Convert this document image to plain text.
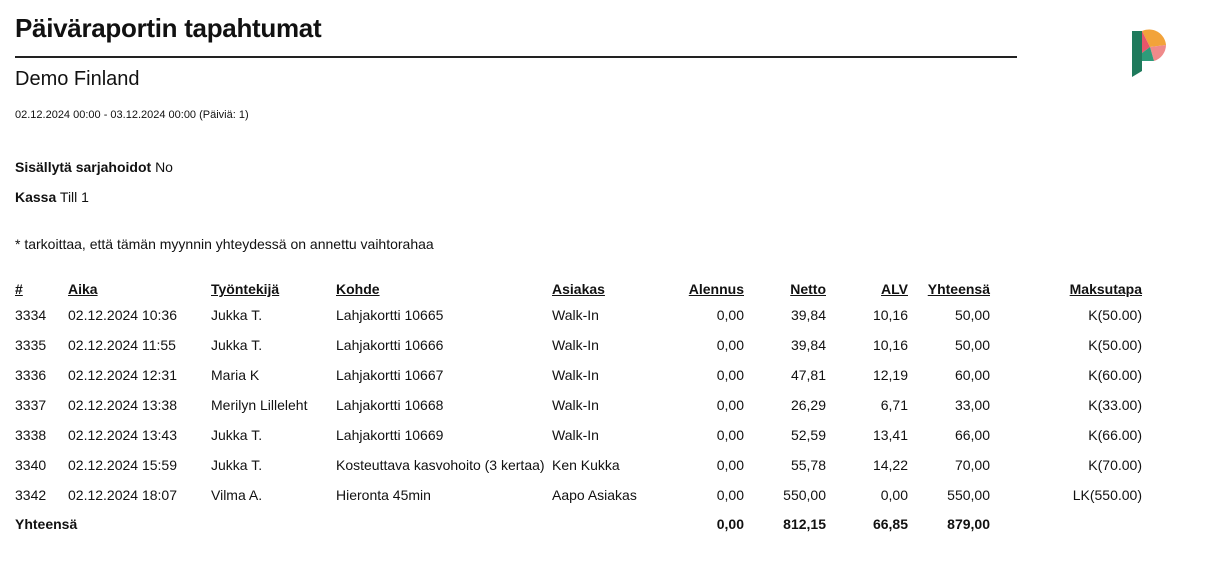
Päiväraportin tapahtumat
Demo Finland
02.12.2024 00:00 - 03.12.2024 00:00 (Päiviä: 1)
Sisällytä sarjahoidot No
Kassa Till 1
* tarkoittaa, että tämän myynnin yhteydessä on annettu vaihtorahaa
#	Aika	Työntekijä	Kohde	Asiakas	Alennus	Netto	ALV	Yhteensä	Maksutapa
3334	02.12.2024 10:36	Jukka T.	Lahjakortti 10665	Walk-In	0,00	39,84	10,16	50,00	K(50.00)
3335	02.12.2024 11:55	Jukka T.	Lahjakortti 10666	Walk-In	0,00	39,84	10,16	50,00	K(50.00)
3336	02.12.2024 12:31	Maria K	Lahjakortti 10667	Walk-In	0,00	47,81	12,19	60,00	K(60.00)
3337	02.12.2024 13:38	Merilyn Lilleleht	Lahjakortti 10668	Walk-In	0,00	26,29	6,71	33,00	K(33.00)
3338	02.12.2024 13:43	Jukka T.	Lahjakortti 10669	Walk-In	0,00	52,59	13,41	66,00	K(66.00)
3340	02.12.2024 15:59	Jukka T.	Kosteuttava kasvohoito (3 kertaa)	Ken Kukka	0,00	55,78	14,22	70,00	K(70.00)
3342	02.12.2024 18:07	Vilma A.	Hieronta 45min	Aapo Asiakas	0,00	550,00	0,00	550,00	LK(550.00)
Yhteensä					0,00	812,15	66,85	879,00	
